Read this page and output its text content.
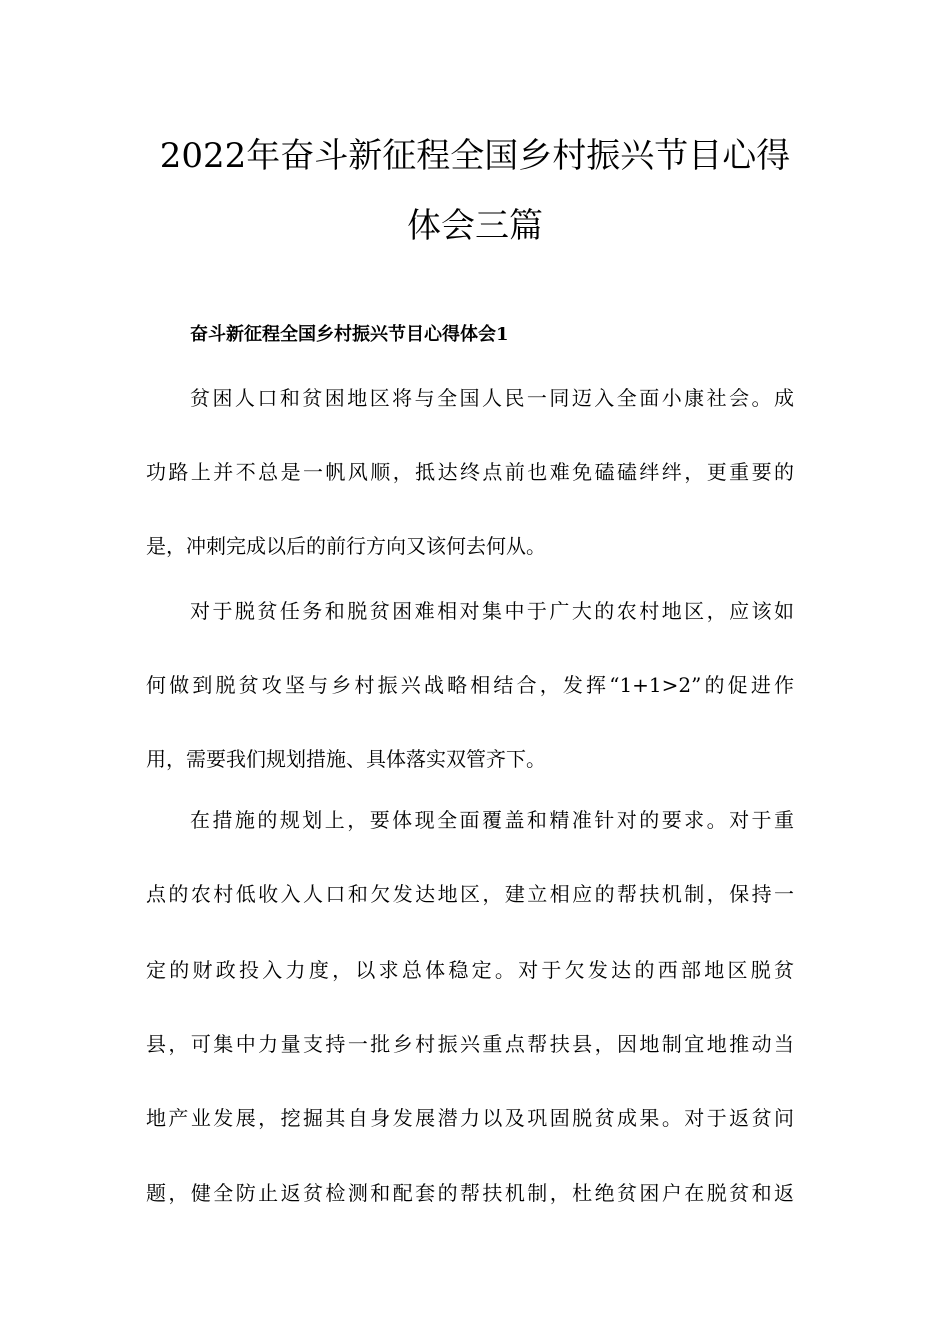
2022年奋斗新征程全国乡村振兴节目心得
体会三篇
奋斗新征程全国乡村振兴节目心得体会1
贫困人口和贫困地区将与全国人民一同迈入全面小康社会。成
功路上并不总是一帆风顺，抵达终点前也难免磕磕绊绊，更重要的
是，冲刺完成以后的前行方向又该何去何从。
对于脱贫任务和脱贫困难相对集中于广大的农村地区，应该如
何做到脱贫攻坚与乡村振兴战略相结合，发挥“1+1>2”的促进作
用，需要我们规划措施、具体落实双管齐下。
在措施的规划上，要体现全面覆盖和精准针对的要求。对于重
点的农村低收入人口和欠发达地区，建立相应的帮扶机制，保持一
定的财政投入力度，以求总体稳定。对于欠发达的西部地区脱贫
县，可集中力量支持一批乡村振兴重点帮扶县，因地制宜地推动当
地产业发展，挖掘其自身发展潜力以及巩固脱贫成果。对于返贫问
题，健全防止返贫检测和配套的帮扶机制，杜绝贫困户在脱贫和返
